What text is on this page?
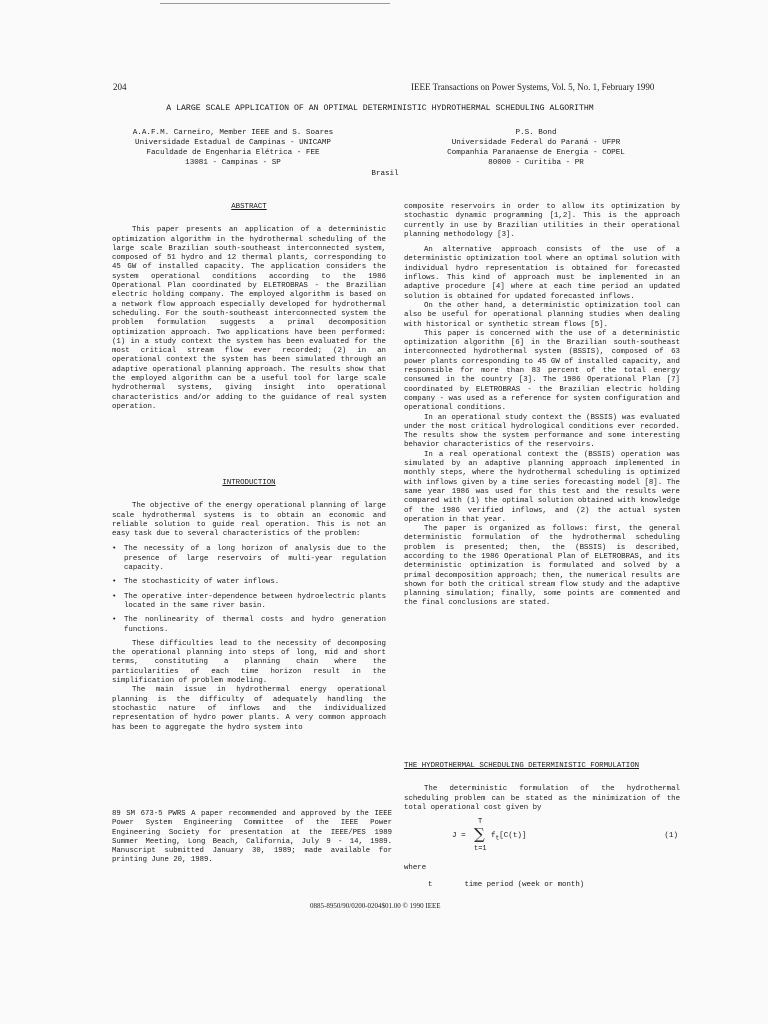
204	IEEE Transactions on Power Systems, Vol. 5, No. 1, February 1990
A LARGE SCALE APPLICATION OF AN OPTIMAL DETERMINISTIC HYDROTHERMAL SCHEDULING ALGORITHM
A.A.F.M. Carneiro, Member IEEE and S. Soares
Universidade Estadual de Campinas - UNICAMP
Faculdade de Engenharia Elétrica - FEE
13081 - Campinas - SP
P.S. Bond
Universidade Federal do Paraná - UFPR
Companhia Paranaense de Energia - COPEL
80000 - Curitiba - PR
Brasil

ABSTRACT

This paper presents an application of a deterministic optimization algorithm in the hydrothermal scheduling of the large scale Brazilian south-southeast interconnected system, composed of 51 hydro and 12 thermal plants, corresponding to 45 GW of installed capacity. The application considers the system operational conditions according to the 1986 Operational Plan coordinated by ELETROBRAS - the Brazilian electric holding company. The employed algorithm is based on a network flow approach especially developed for hydrothermal scheduling. For the south-southeast interconnected system the problem formulation suggests a primal decomposition optimization approach. Two applications have been performed: (1) in a study context the system has been evaluated for the most critical stream flow ever recorded; (2) in an operational context the system has been simulated through an adaptive operational planning approach. The results show that the employed algorithm can be a useful tool for large scale hydrothermal systems, giving insight into operational characteristics and/or adding to the guidance of real system operation.

INTRODUCTION

The objective of the energy operational planning of large scale hydrothermal systems is to obtain an economic and reliable solution to guide real operation. This is not an easy task due to several characteristics of the problem:

• The necessity of a long horizon of analysis due to the presence of large reservoirs of multi-year regulation capacity.
• The stochasticity of water inflows.
• The operative inter-dependence between hydroelectric plants located in the same river basin.
• The nonlinearity of thermal costs and hydro generation functions.

These difficulties lead to the necessity of decomposing the operational planning into steps of long, mid and short terms, constituting a planning chain where the particularities of each time horizon result in the simplification of problem modeling.

The main issue in hydrothermal energy operational planning is the difficulty of adequately handling the stochastic nature of inflows and the individualized representation of hydro power plants. A very common approach has been to aggregate the hydro system into

composite reservoirs in order to allow its optimization by stochastic dynamic programming [1,2]. This is the approach currently in use by Brazilian utilities in their operational planning methodology [3].

An alternative approach consists of the use of a deterministic optimization tool where an optimal solution with individual hydro representation is obtained for forecasted inflows. This kind of approach must be implemented in an adaptive procedure [4] where at each time period an updated solution is obtained for updated forecasted inflows.

On the other hand, a deterministic optimization tool can also be useful for operational planning studies when dealing with historical or synthetic stream flows [5].

This paper is concerned with the use of a deterministic optimization algorithm [6] in the Brazilian south-southeast interconnected hydrothermal system (BSSIS), composed of 63 power plants corresponding to 45 GW of installed capacity, and responsible for more than 83 percent of the total energy consumed in the country [3]. The 1986 Operational Plan [7] coordinated by ELETROBRAS - the Brazilian electric holding company - was used as a reference for system configuration and operational conditions.

In an operational study context the (BSSIS) was evaluated under the most critical hydrological conditions ever recorded. The results show the system performance and some interesting behavior characteristics of the reservoirs.

In a real operational context the (BSSIS) operation was simulated by an adaptive planning approach implemented in monthly steps, where the hydrothermal scheduling is optimized with inflows given by a time series forecasting model [8]. The same year 1986 was used for this test and the results were compared with (1) the optimal solution obtained with knowledge of the 1986 verified inflows, and (2) the actual system operation in that year.

The paper is organized as follows: first, the general deterministic formulation of the hydrothermal scheduling problem is presented; then, the (BSSIS) is described, according to the 1986 Operational Plan of ELETROBRAS, and its deterministic optimization is formulated and solved by a primal decomposition approach; then, the numerical results are shown for both the critical stream flow study and the adaptive planning simulation; finally, some points are commented and the final conclusions are stated.

THE HYDROTHERMAL SCHEDULING DETERMINISTIC FORMULATION

The deterministic formulation of the hydrothermal scheduling problem can be stated as the minimization of the total operational cost given by

J =
T
∑
t=1
$f_t[C(t)]$	(1)
where
t	time period (week or month)
89 SM 673-5 PWRS A paper recommended and approved by the IEEE Power System Engineering Committee of the IEEE Power Engineering Society for presentation at the IEEE/PES 1989 Summer Meeting, Long Beach, California, July 9 - 14, 1989. Manuscript submitted January 30, 1989; made available for printing June 20, 1989.
0885-8950/90/0200-0204$01.00 © 1990 IEEE
